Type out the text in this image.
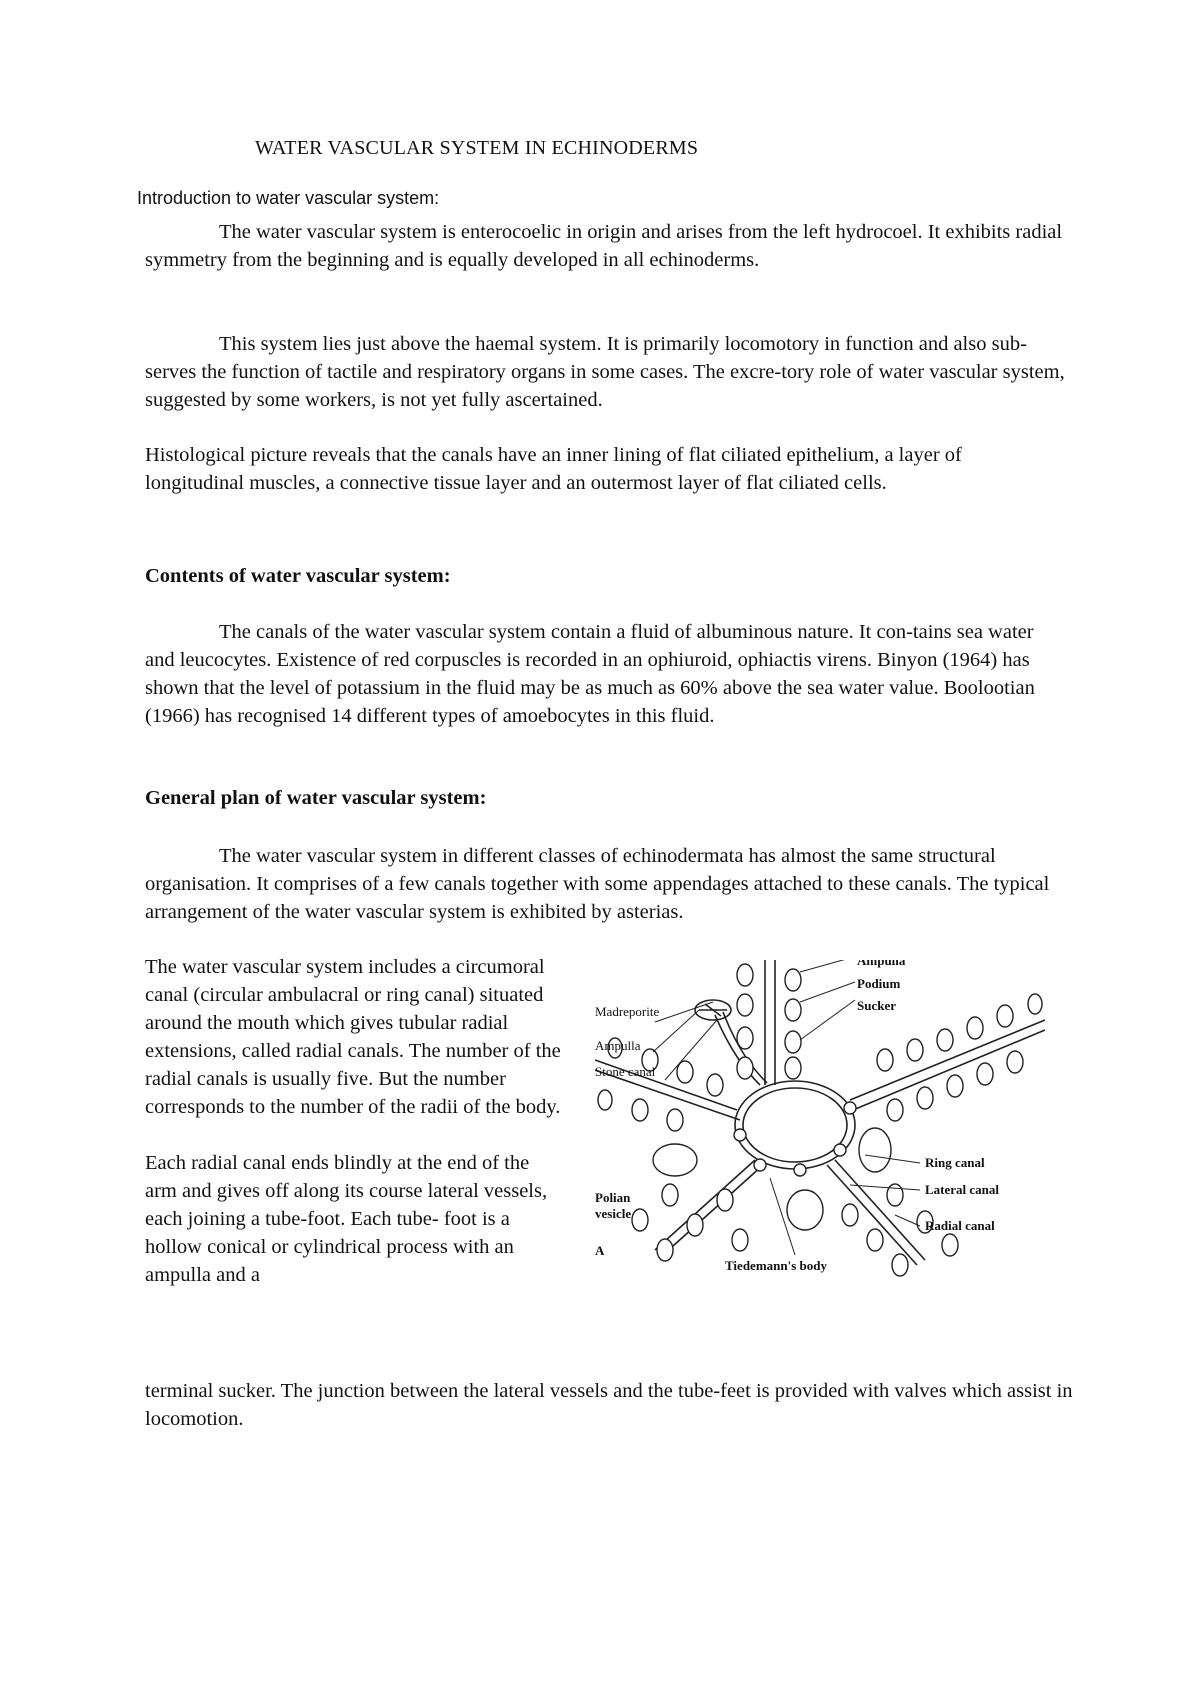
WATER VASCULAR SYSTEM IN ECHINODERMS
Introduction to water vascular system:

The water vascular system is enterocoelic in origin and arises from the left hydrocoel. It exhibits radial symmetry from the beginning and is equally developed in all echinoderms.

This system lies just above the haemal system. It is primarily locomotory in function and also sub-serves the function of tactile and respiratory organs in some cases. The excre-tory role of water vascular system, suggested by some workers, is not yet fully ascertained.

Histological picture reveals that the canals have an inner lining of flat ciliated epithelium, a layer of longitudinal muscles, a connective tissue layer and an outermost layer of flat ciliated cells.

Contents of water vascular system:

The canals of the water vascular system contain a fluid of albuminous nature. It con-tains sea water and leucocytes. Existence of red corpuscles is recorded in an ophiuroid, ophiactis virens. Binyon (1964) has shown that the level of potassium in the fluid may be as much as 60% above the sea water value. Boolootian (1966) has recognised 14 different types of amoebocytes in this fluid.

General plan of water vascular system:

The water vascular system in different classes of echinodermata has almost the same structural organisation. It comprises of a few canals together with some appendages attached to these canals. The typical arrangement of the water vascular system is exhibited by asterias.

The water vascular system includes a circumoral canal (circular ambulacral or ring canal) situated around the mouth which gives tubular radial extensions, called radial canals. The number of the radial canals is usually five. But the number corresponds to the number of the radii of the body.

Each radial canal ends blindly at the end of the arm and gives off along its course lateral vessels, each joining a tube-foot. Each tube- foot is a hollow conical or cylindrical process with an ampulla and a

terminal sucker. The junction between the lateral vessels and the tube-feet is provided with valves which assist in locomotion.

Madreporite
Ampulla
Stone canal
Ampulla
Podium
Sucker
Ring canal
Lateral canal
Radial canal
Polian
vesicle
Tiedemann's body
A
